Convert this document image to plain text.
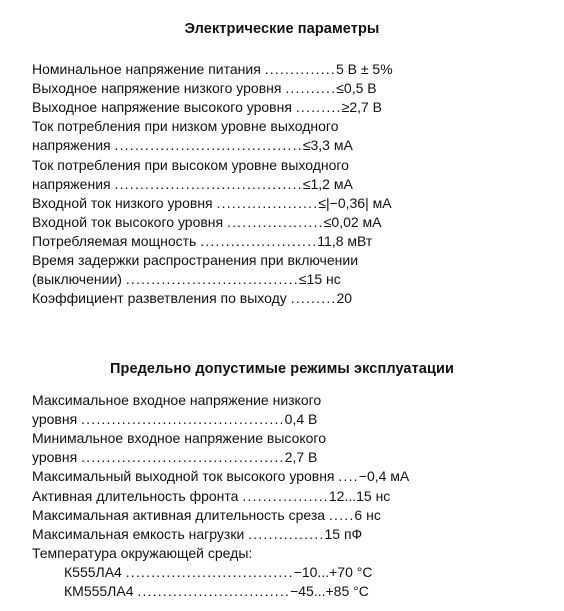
Электрические параметры
Номинальное напряжение питания ..............5 В ± 5%
Выходное напряжение низкого уровня ..........≤0,5 В
Выходное напряжение высокого уровня .........≥2,7 В
Ток потребления при низком уровне выходного
напряжения .....................................≤3,3 мА
Ток потребления при высоком уровне выходного
напряжения .....................................≤1,2 мА
Входной ток низкого уровня ....................≤|−0,36| мА
Входной ток высокого уровня ...................≤0,02 мА
Потребляемая мощность .......................11,8 мВт
Время задержки распространения при включении
(выключении) ..................................≤15 нс
Коэффициент разветвления по выходу .........20
Предельно допустимые режимы эксплуатации
Максимальное входное напряжение низкого
уровня ........................................0,4 В
Минимальное входное напряжение высокого
уровня ........................................2,7 В
Максимальный выходной ток высокого уровня ....−0,4 мА
Активная длительность фронта .................12...15 нс
Максимальная активная длительность среза .....6 нс
Максимальная емкость нагрузки ...............15 пФ
Температура окружающей среды:
К555ЛА4 .................................−10...+70 °С
КМ555ЛА4 ..............................−45...+85 °С
